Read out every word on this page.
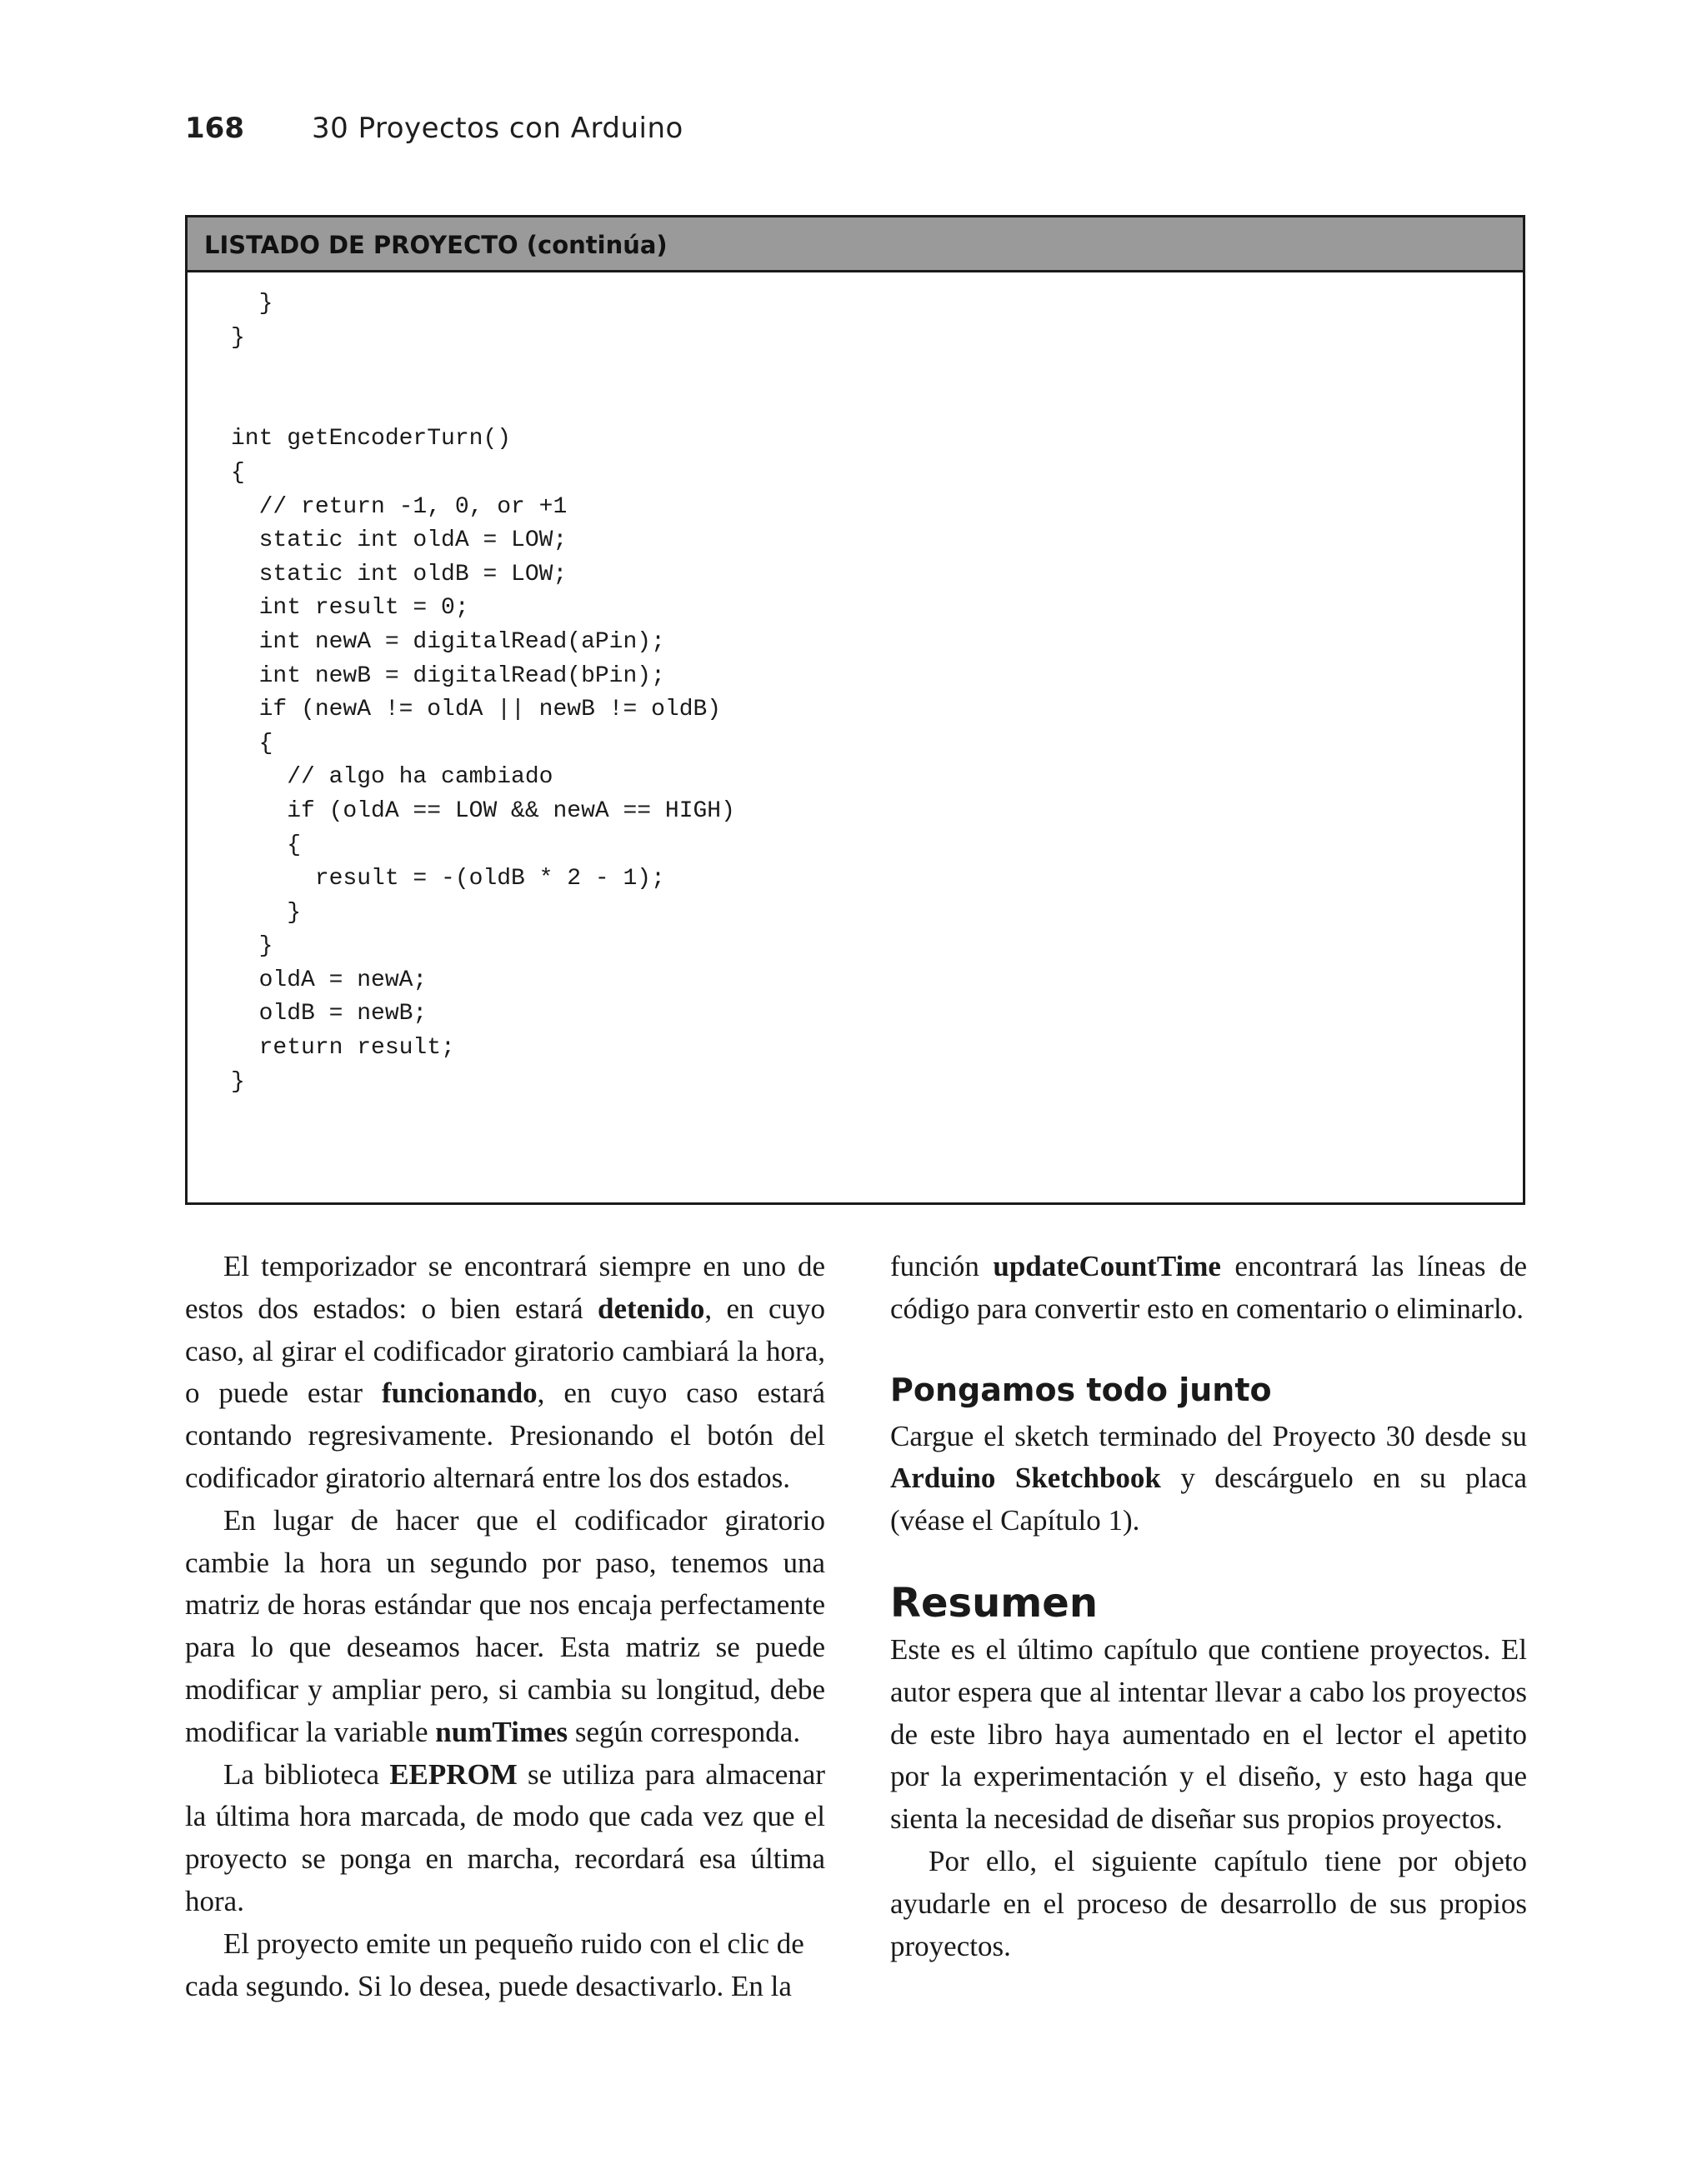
168 30 Proyectos con Arduino
LISTADO DE PROYECTO (continúa)
}
}

int getEncoderTurn()
{
// return -1, 0, or +1
static int oldA = LOW;
static int oldB = LOW;
int result = 0;
int newA = digitalRead(aPin);
int newB = digitalRead(bPin);
if (newA != oldA || newB != oldB)
{
// algo ha cambiado
if (oldA == LOW && newA == HIGH)
{
result = -(oldB * 2 - 1);
}
}
oldA = newA;
oldB = newB;
return result;
}

El temporizador se encontrará siempre en uno de estos dos estados: o bien estará detenido, en cuyo caso, al girar el codificador giratorio cambiará la hora, o puede estar funcionando, en cuyo caso estará contando regresivamente. Presionando el botón del codificador giratorio alternará entre los dos estados.

En lugar de hacer que el codificador giratorio cambie la hora un segundo por paso, tenemos una matriz de horas estándar que nos encaja perfectamente para lo que deseamos hacer. Esta matriz se puede modificar y ampliar pero, si cambia su longitud, debe modificar la variable numTimes según corresponda.

La biblioteca EEPROM se utiliza para almacenar la última hora marcada, de modo que cada vez que el proyecto se ponga en marcha, recordará esa última hora.

El proyecto emite un pequeño ruido con el clic de cada segundo. Si lo desea, puede desactivarlo. En la

función updateCountTime encontrará las líneas de código para convertir esto en comentario o eliminarlo.

Pongamos todo junto

Cargue el sketch terminado del Proyecto 30 desde su Arduino Sketchbook y descárguelo en su placa (véase el Capítulo 1).

Resumen

Este es el último capítulo que contiene proyectos. El autor espera que al intentar llevar a cabo los proyectos de este libro haya aumentado en el lector el apetito por la experimentación y el diseño, y esto haga que sienta la necesidad de diseñar sus propios proyectos.

Por ello, el siguiente capítulo tiene por objeto ayudarle en el proceso de desarrollo de sus propios proyectos.
